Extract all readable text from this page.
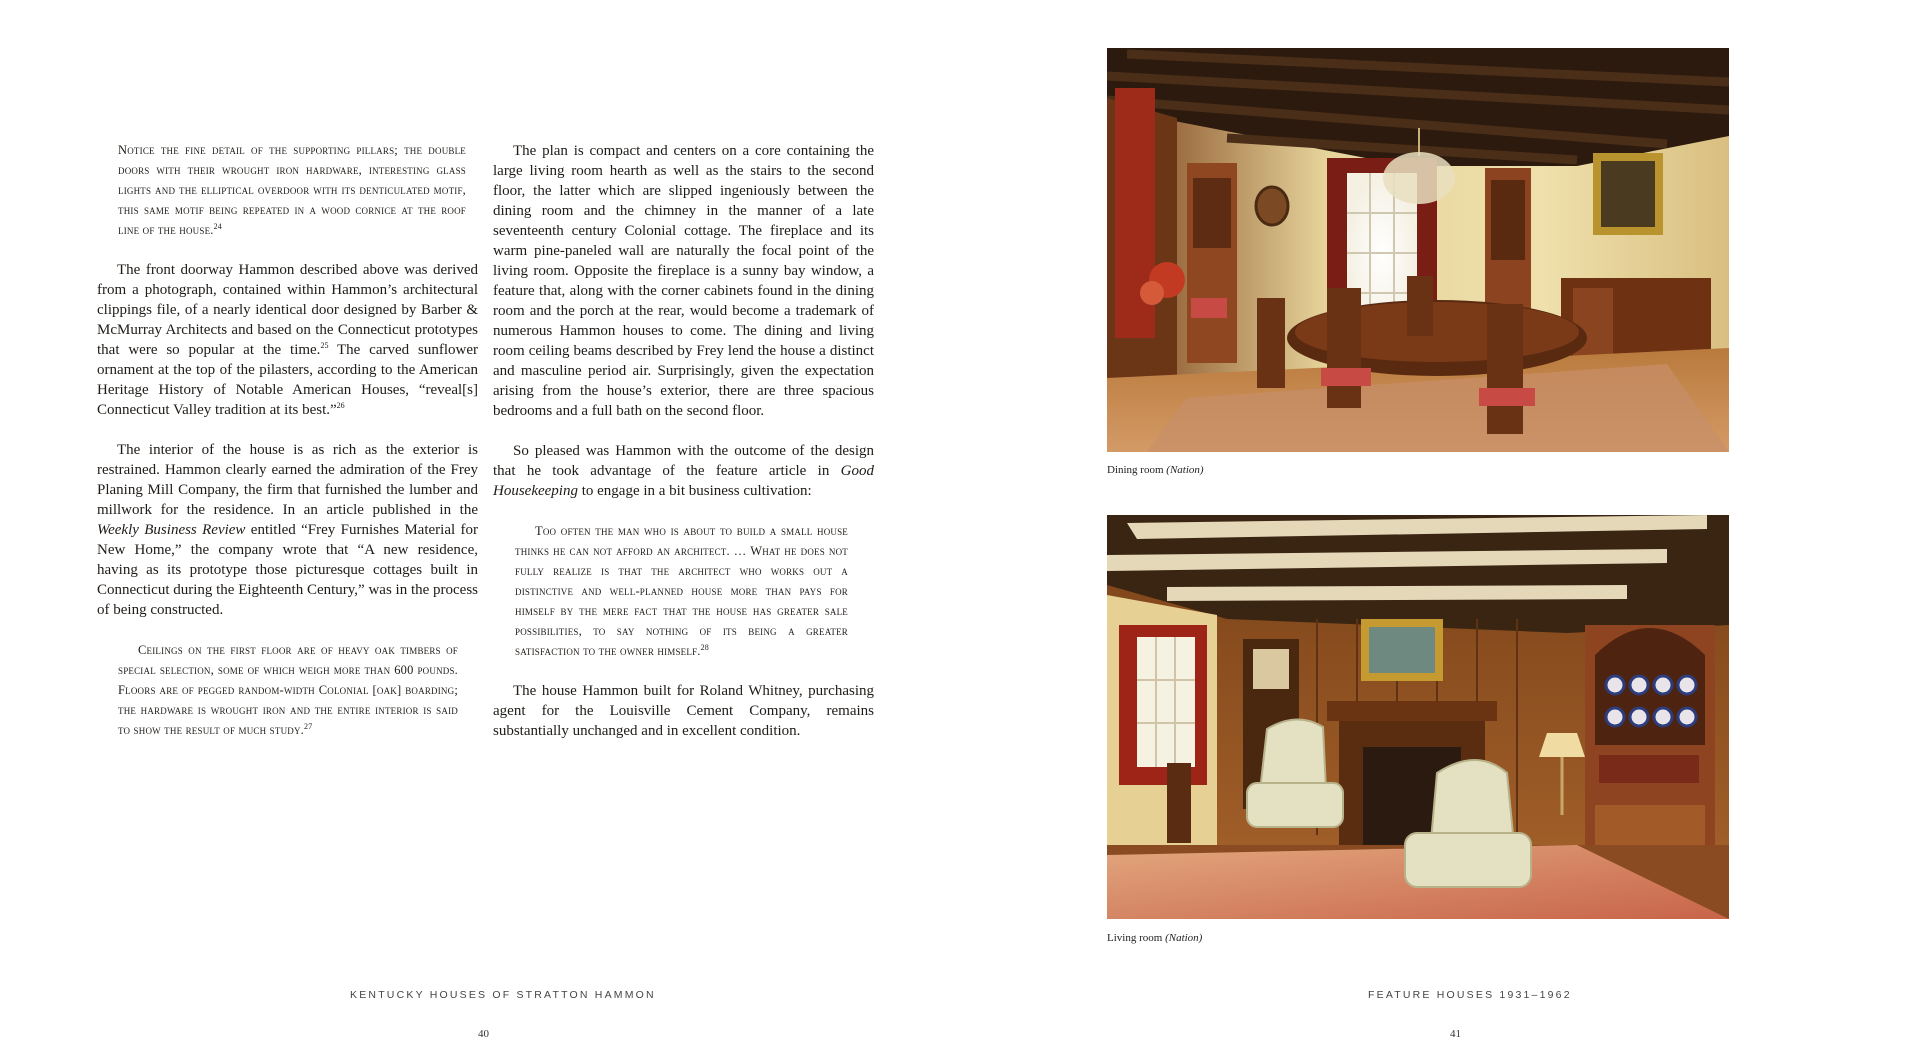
Notice the fine detail of the supporting pillars; the double doors with their wrought iron hardware, interesting glass lights and the elliptical overdoor with its denticulated motif, this same motif being repeated in a wood cornice at the roof line of the house.$^{24}$

The front doorway Hammon described above was derived from a photograph, contained within Hammon’s architectural clippings file, of a nearly identical door designed by Barber & McMurray Architects and based on the Connecticut prototypes that were so popular at the time.$^{25}$ The carved sunflower ornament at the top of the pilasters, according to the American Heritage History of Notable American Houses, “reveal[s] Connecticut Valley tradition at its best.”$^{26}$

The interior of the house is as rich as the exterior is restrained. Hammon clearly earned the admiration of the Frey Planing Mill Company, the firm that furnished the lumber and millwork for the residence. In an article published in the Weekly Business Review entitled “Frey Furnishes Material for New Home,” the company wrote that “A new residence, having as its prototype those picturesque cottages built in Connecticut during the Eighteenth Century,” was in the process of being constructed.

Ceilings on the first floor are of heavy oak timbers of special selection, some of which weigh more than 600 pounds. Floors are of pegged random-width Colonial [oak] boarding; the hardware is wrought iron and the entire interior is said to show the result of much study.$^{27}$

The plan is compact and centers on a core containing the large living room hearth as well as the stairs to the second floor, the latter which are slipped ingeniously between the dining room and the chimney in the manner of a late seventeenth century Colonial cottage. The fireplace and its warm pine-paneled wall are naturally the focal point of the living room. Opposite the fireplace is a sunny bay window, a feature that, along with the corner cabinets found in the dining room and the porch at the rear, would become a trademark of numerous Hammon houses to come. The dining and living room ceiling beams described by Frey lend the house a distinct and masculine period air. Surprisingly, given the expectation arising from the house’s exterior, there are three spacious bedrooms and a full bath on the second floor.

So pleased was Hammon with the outcome of the design that he took advantage of the feature article in Good Housekeeping to engage in a bit business cultivation:

Too often the man who is about to build a small house thinks he can not afford an architect. … What he does not fully realize is that the architect who works out a distinctive and well-planned house more than pays for himself by the mere fact that the house has greater sale possibilities, to say nothing of its being a greater satisfaction to the owner himself.$^{28}$

The house Hammon built for Roland Whitney, purchasing agent for the Louisville Cement Company, remains substantially unchanged and in excellent condition.

KENTUCKY HOUSES OF STRATTON HAMMON
40
Dining room (Nation)
Living room (Nation)
FEATURE HOUSES 1931–1962
41
